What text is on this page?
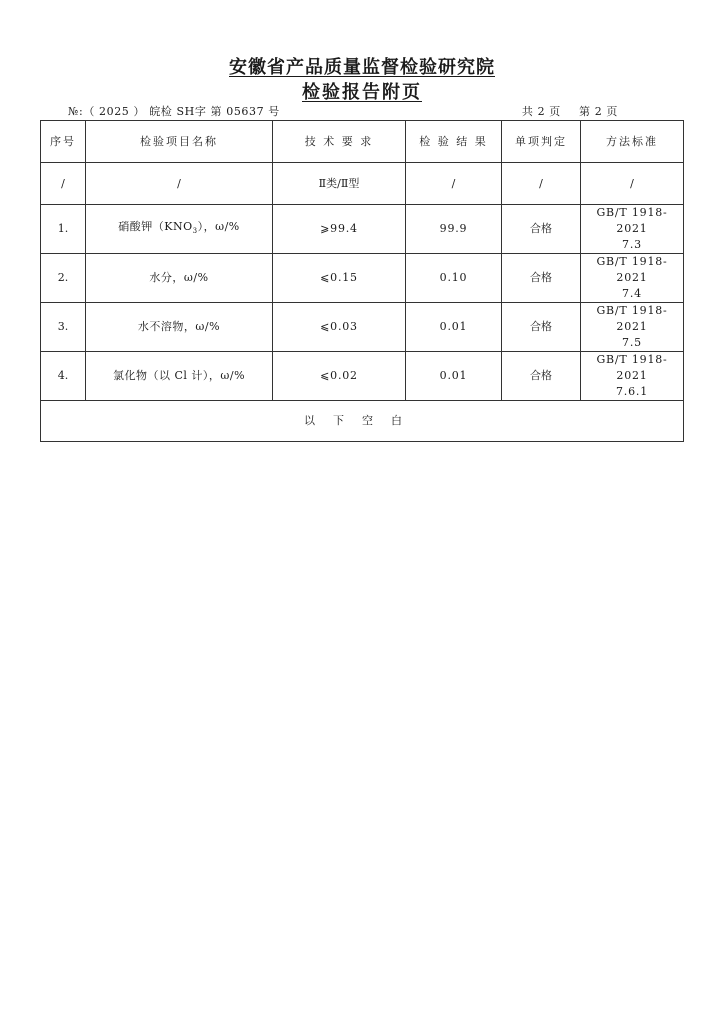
安徽省产品质量监督检验研究院
检验报告附页
№:（ 2025 ） 皖检 SH字 第 05637 号	共 2 页 第 2 页
序号	检验项目名称	技 术 要 求	检 验 结 果	单项判定	方法标准
/	/	Ⅱ类/Ⅱ型	/	/	/
1.	硝酸钾$(KNO_3)$，ω/%	⩾99.4	99.9	合格	GB/T 1918-2021
7.3

2.	水分，ω/%	⩽0.15	0.10	合格	GB/T 1918-2021
7.4

3.	水不溶物，ω/%	⩽0.03	0.01	合格	GB/T 1918-2021
7.5

4.	氯化物（以 Cl 计），ω/%	⩽0.02	0.01	合格	GB/T 1918-2021
7.6.1

以下空白					
